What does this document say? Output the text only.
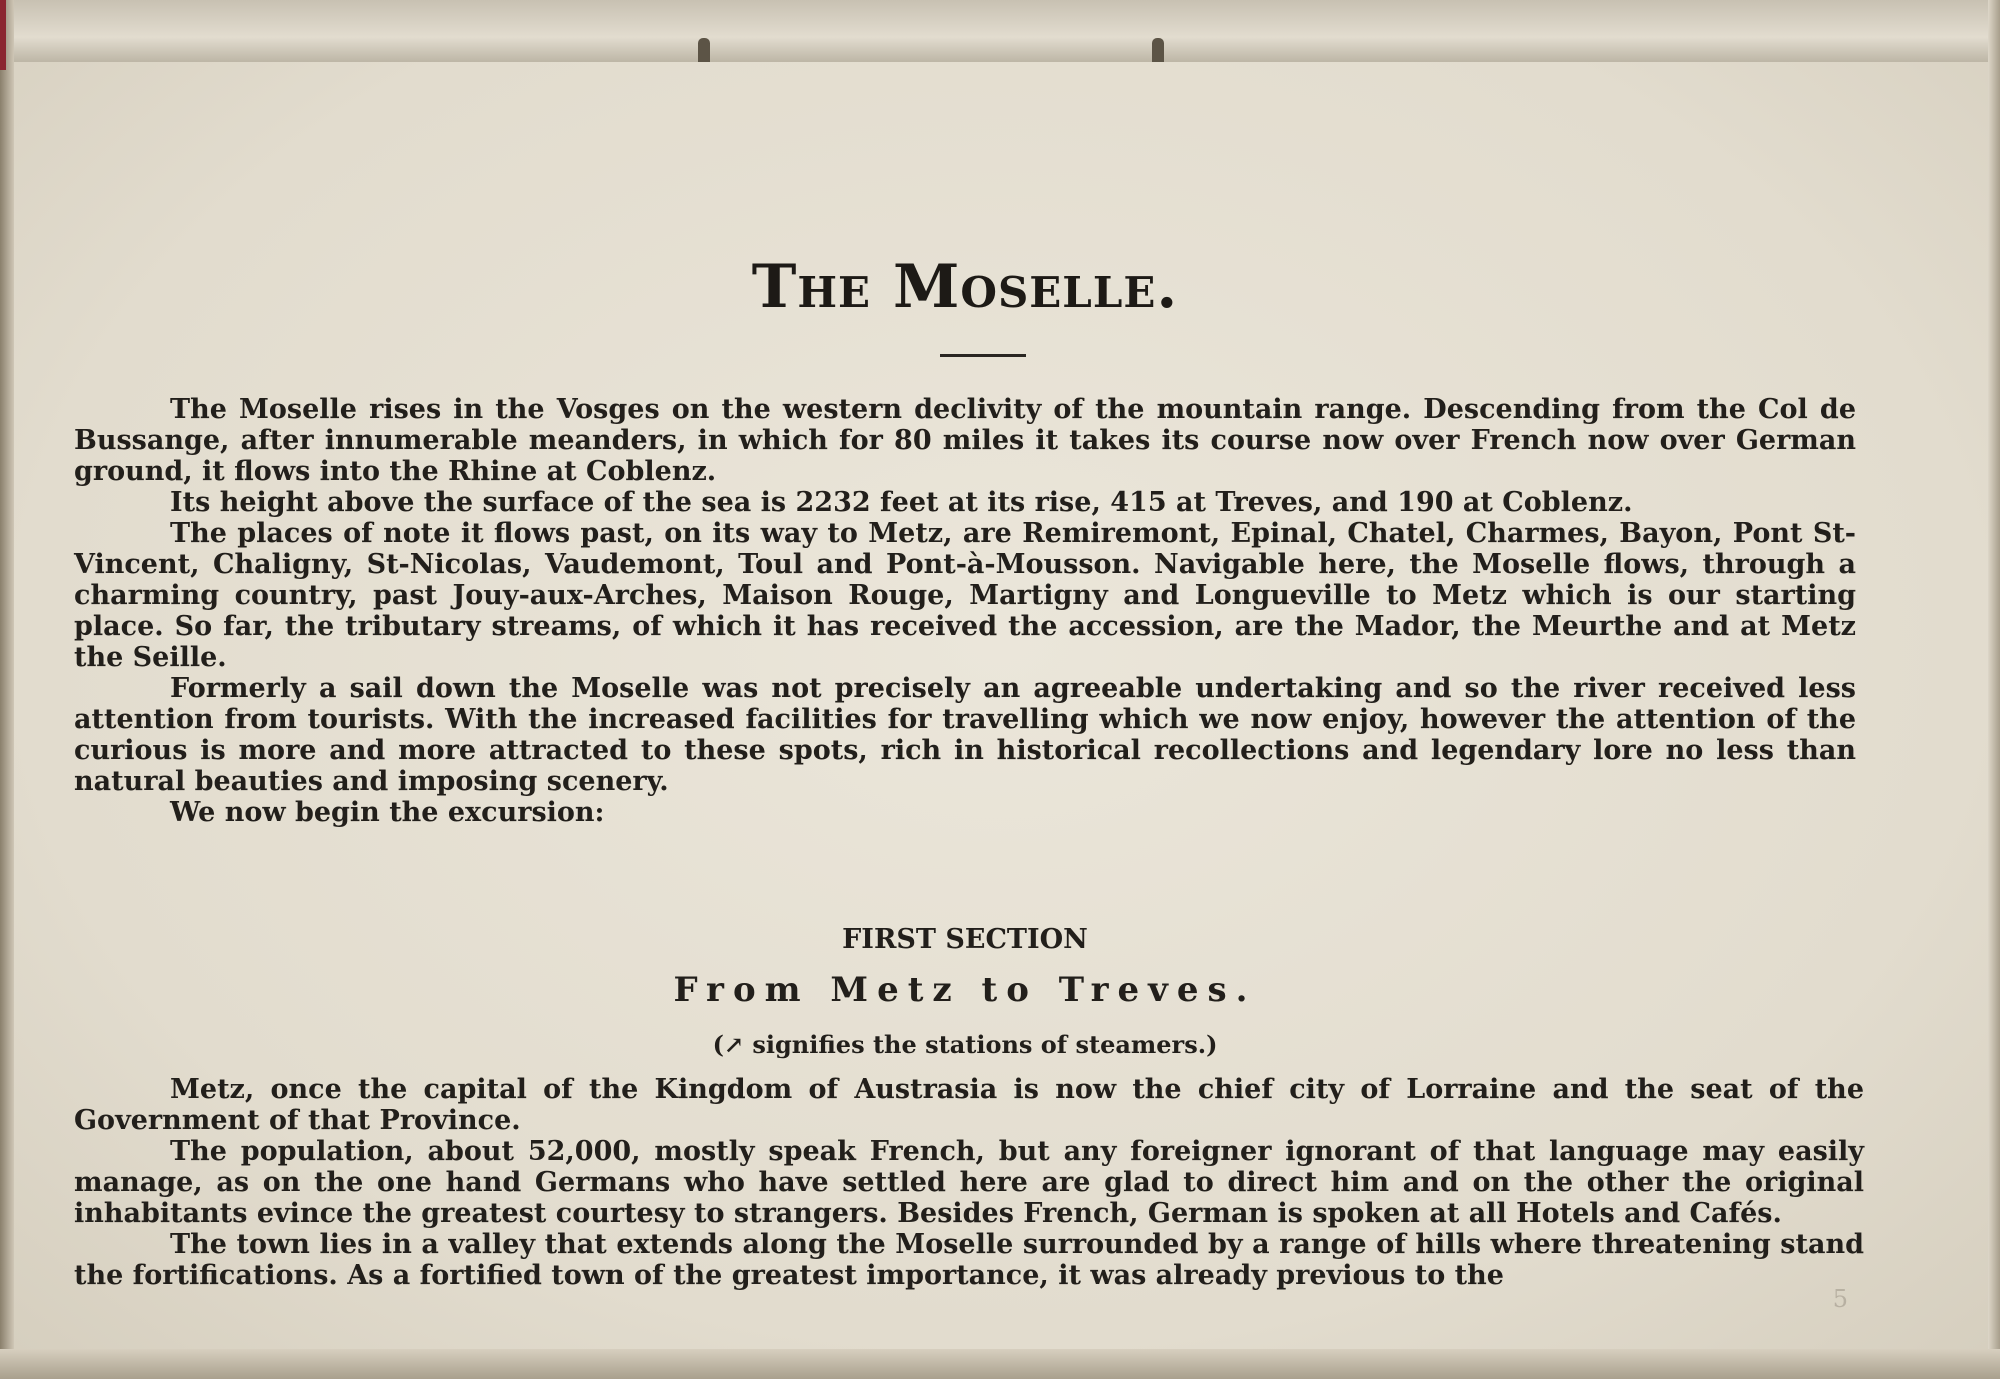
The Moselle.

The Moselle rises in the Vosges on the western declivity of the mountain range. Descending from the Col de Bussange, after innumerable meanders, in which for 80 miles it takes its course now over French now over German ground, it flows into the Rhine at Coblenz.

Its height above the surface of the sea is 2232 feet at its rise, 415 at Treves, and 190 at Coblenz.

The places of note it flows past, on its way to Metz, are Remiremont, Epinal, Chatel, Charmes, Bayon, Pont St-Vincent, Chaligny, St-Nicolas, Vaudemont, Toul and Pont-à-Mousson. Navigable here, the Moselle flows, through a charming country, past Jouy-aux-Arches, Maison Rouge, Martigny and Longueville to Metz which is our starting place. So far, the tributary streams, of which it has received the accession, are the Mador, the Meurthe and at Metz the Seille.

Formerly a sail down the Moselle was not precisely an agreeable undertaking and so the river received less attention from tourists. With the increased facilities for travelling which we now enjoy, however the attention of the curious is more and more attracted to these spots, rich in historical recollections and legendary lore no less than natural beauties and imposing scenery.

We now begin the excursion:

FIRST SECTION
From Metz to Treves.
(↗ signifies the stations of steamers.)

Metz, once the capital of the Kingdom of Austrasia is now the chief city of Lorraine and the seat of the Government of that Province.

The population, about 52,000, mostly speak French, but any foreigner ignorant of that language may easily manage, as on the one hand Germans who have settled here are glad to direct him and on the other the original inhabitants evince the greatest courtesy to strangers. Besides French, German is spoken at all Hotels and Cafés.

The town lies in a valley that extends along the Moselle surrounded by a range of hills where threatening stand the fortifications. As a fortified town of the greatest importance, it was already previous to the

5
